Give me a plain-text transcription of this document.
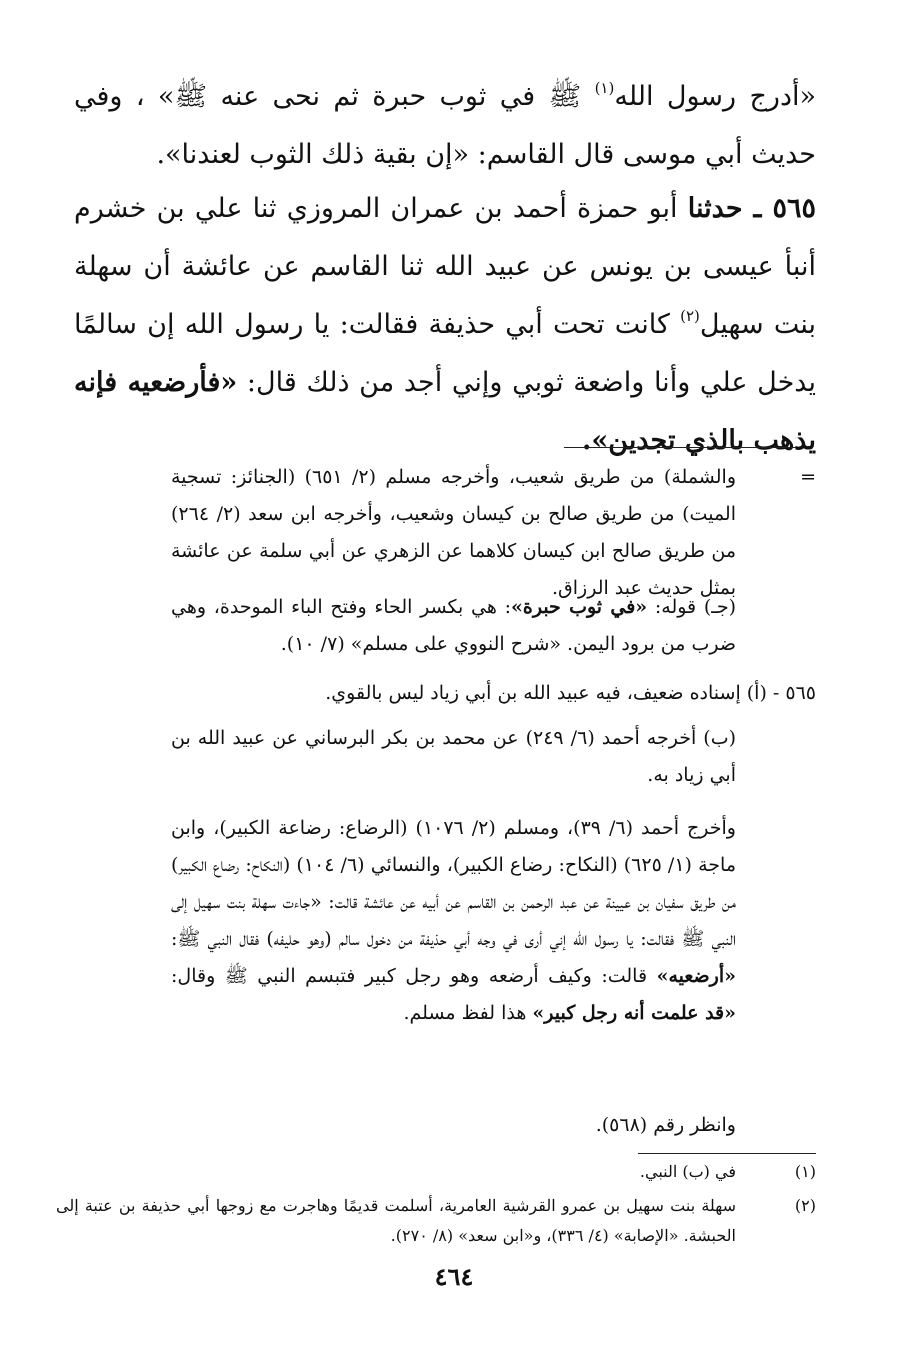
«أدرج رسول الله$^{(١)}$ ﷺ في ثوب حبرة ثم نحى عنه ﷺ» ، وفي حديث أبي موسى قال القاسم: «إن بقية ذلك الثوب لعندنا».

٥٦٥ ـ حدثنا أبو حمزة أحمد بن عمران المروزي ثنا علي بن خشرم أنبأ عيسى بن يونس عن عبيد الله ثنا القاسم عن عائشة أن سهلة بنت سهيل$^{(٢)}$ كانت تحت أبي حذيفة فقالت: يا رسول الله إن سالمًا يدخل علي وأنا واضعة ثوبي وإني أجد من ذلك قال: «فأرضعيه فإنه يذهب بالذي تجدين».

=

والشملة) من طريق شعيب، وأخرجه مسلم (٢/ ٦٥١) (الجنائز: تسجية الميت) من طريق صالح بن كيسان وشعيب، وأخرجه ابن سعد (٢/ ٢٦٤) من طريق صالح ابن كيسان كلاهما عن الزهري عن أبي سلمة عن عائشة بمثل حديث عبد الرزاق.

(جـ) قوله: «في ثوب حبرة»: هي بكسر الحاء وفتح الباء الموحدة، وهي ضرب من برود اليمن. «شرح النووي على مسلم» (٧/ ١٠).

٥٦٥ - (أ) إسناده ضعيف، فيه عبيد الله بن أبي زياد ليس بالقوي.

(ب) أخرجه أحمد (٦/ ٢٤٩) عن محمد بن بكر البرساني عن عبيد الله بن أبي زياد به.

وأخرج أحمد (٦/ ٣٩)، ومسلم (٢/ ١٠٧٦) (الرضاع: رضاعة الكبير)، وابن ماجة (١/ ٦٢٥) (النكاح: رضاع الكبير)، والنسائي (٦/ ١٠٤) (النكاح: رضاع الكبير) من طريق سفيان بن عيينة عن عبد الرحمن بن القاسم عن أبيه عن عائشة قالت: «جاءت سهلة بنت سهيل إلى النبي ﷺ فقالت: يا رسول الله إني أرى في وجه أبي حذيفة من دخول سالم (وهو حليفه) فقال النبي ﷺ: «أرضعيه» قالت: وكيف أرضعه وهو رجل كبير فتبسم النبي ﷺ وقال: «قد علمت أنه رجل كبير» هذا لفظ مسلم.

وانظر رقم (٥٦٨).

(١)

في (ب) النبي.

(٢)

سهلة بنت سهيل بن عمرو القرشية العامرية، أسلمت قديمًا وهاجرت مع زوجها أبي حذيفة بن عتبة إلى الحبشة. «الإصابة» (٤/ ٣٣٦)، و«ابن سعد» (٨/ ٢٧٠).

٤٦٤
